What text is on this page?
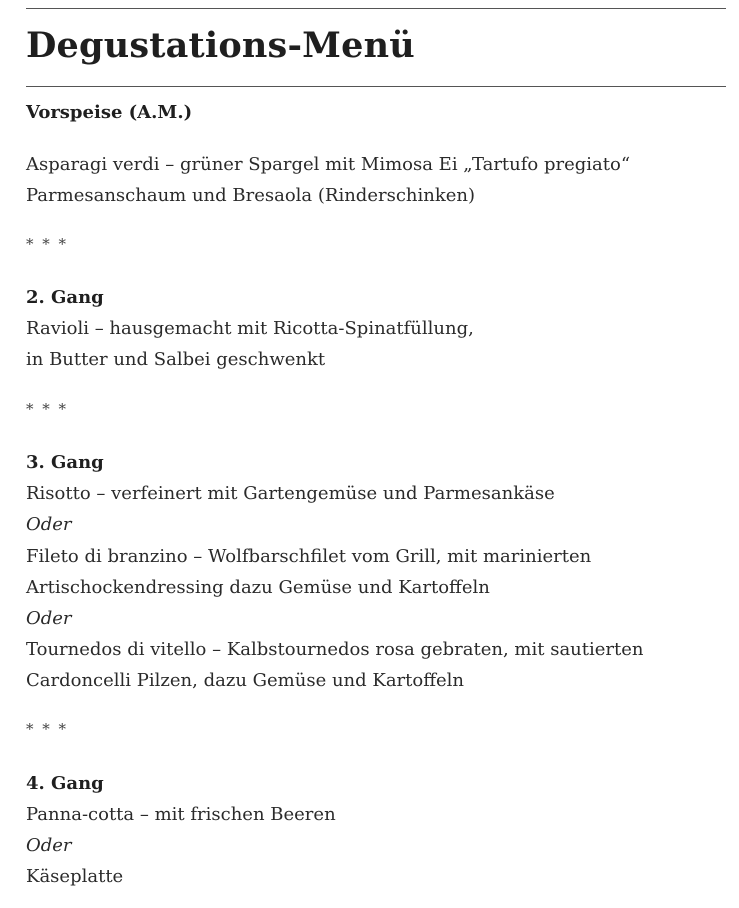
Degustations-Menü
Vorspeise (A.M.)
Asparagi verdi – grüner Spargel mit Mimosa Ei „Tartufo pregiato“
Parmesanschaum und Bresaola (Rinderschinken)
* * *
2. Gang
Ravioli – hausgemacht mit Ricotta-Spinatfüllung,
in Butter und Salbei geschwenkt
* * *
3. Gang
Risotto – verfeinert mit Gartengemüse und Parmesankäse
Oder
Fileto di branzino – Wolfbarschfilet vom Grill, mit marinierten
Artischockendressing dazu Gemüse und Kartoffeln
Oder
Tournedos di vitello – Kalbstournedos rosa gebraten, mit sautierten
Cardoncelli Pilzen, dazu Gemüse und Kartoffeln
* * *
4. Gang
Panna-cotta – mit frischen Beeren
Oder
Käseplatte
